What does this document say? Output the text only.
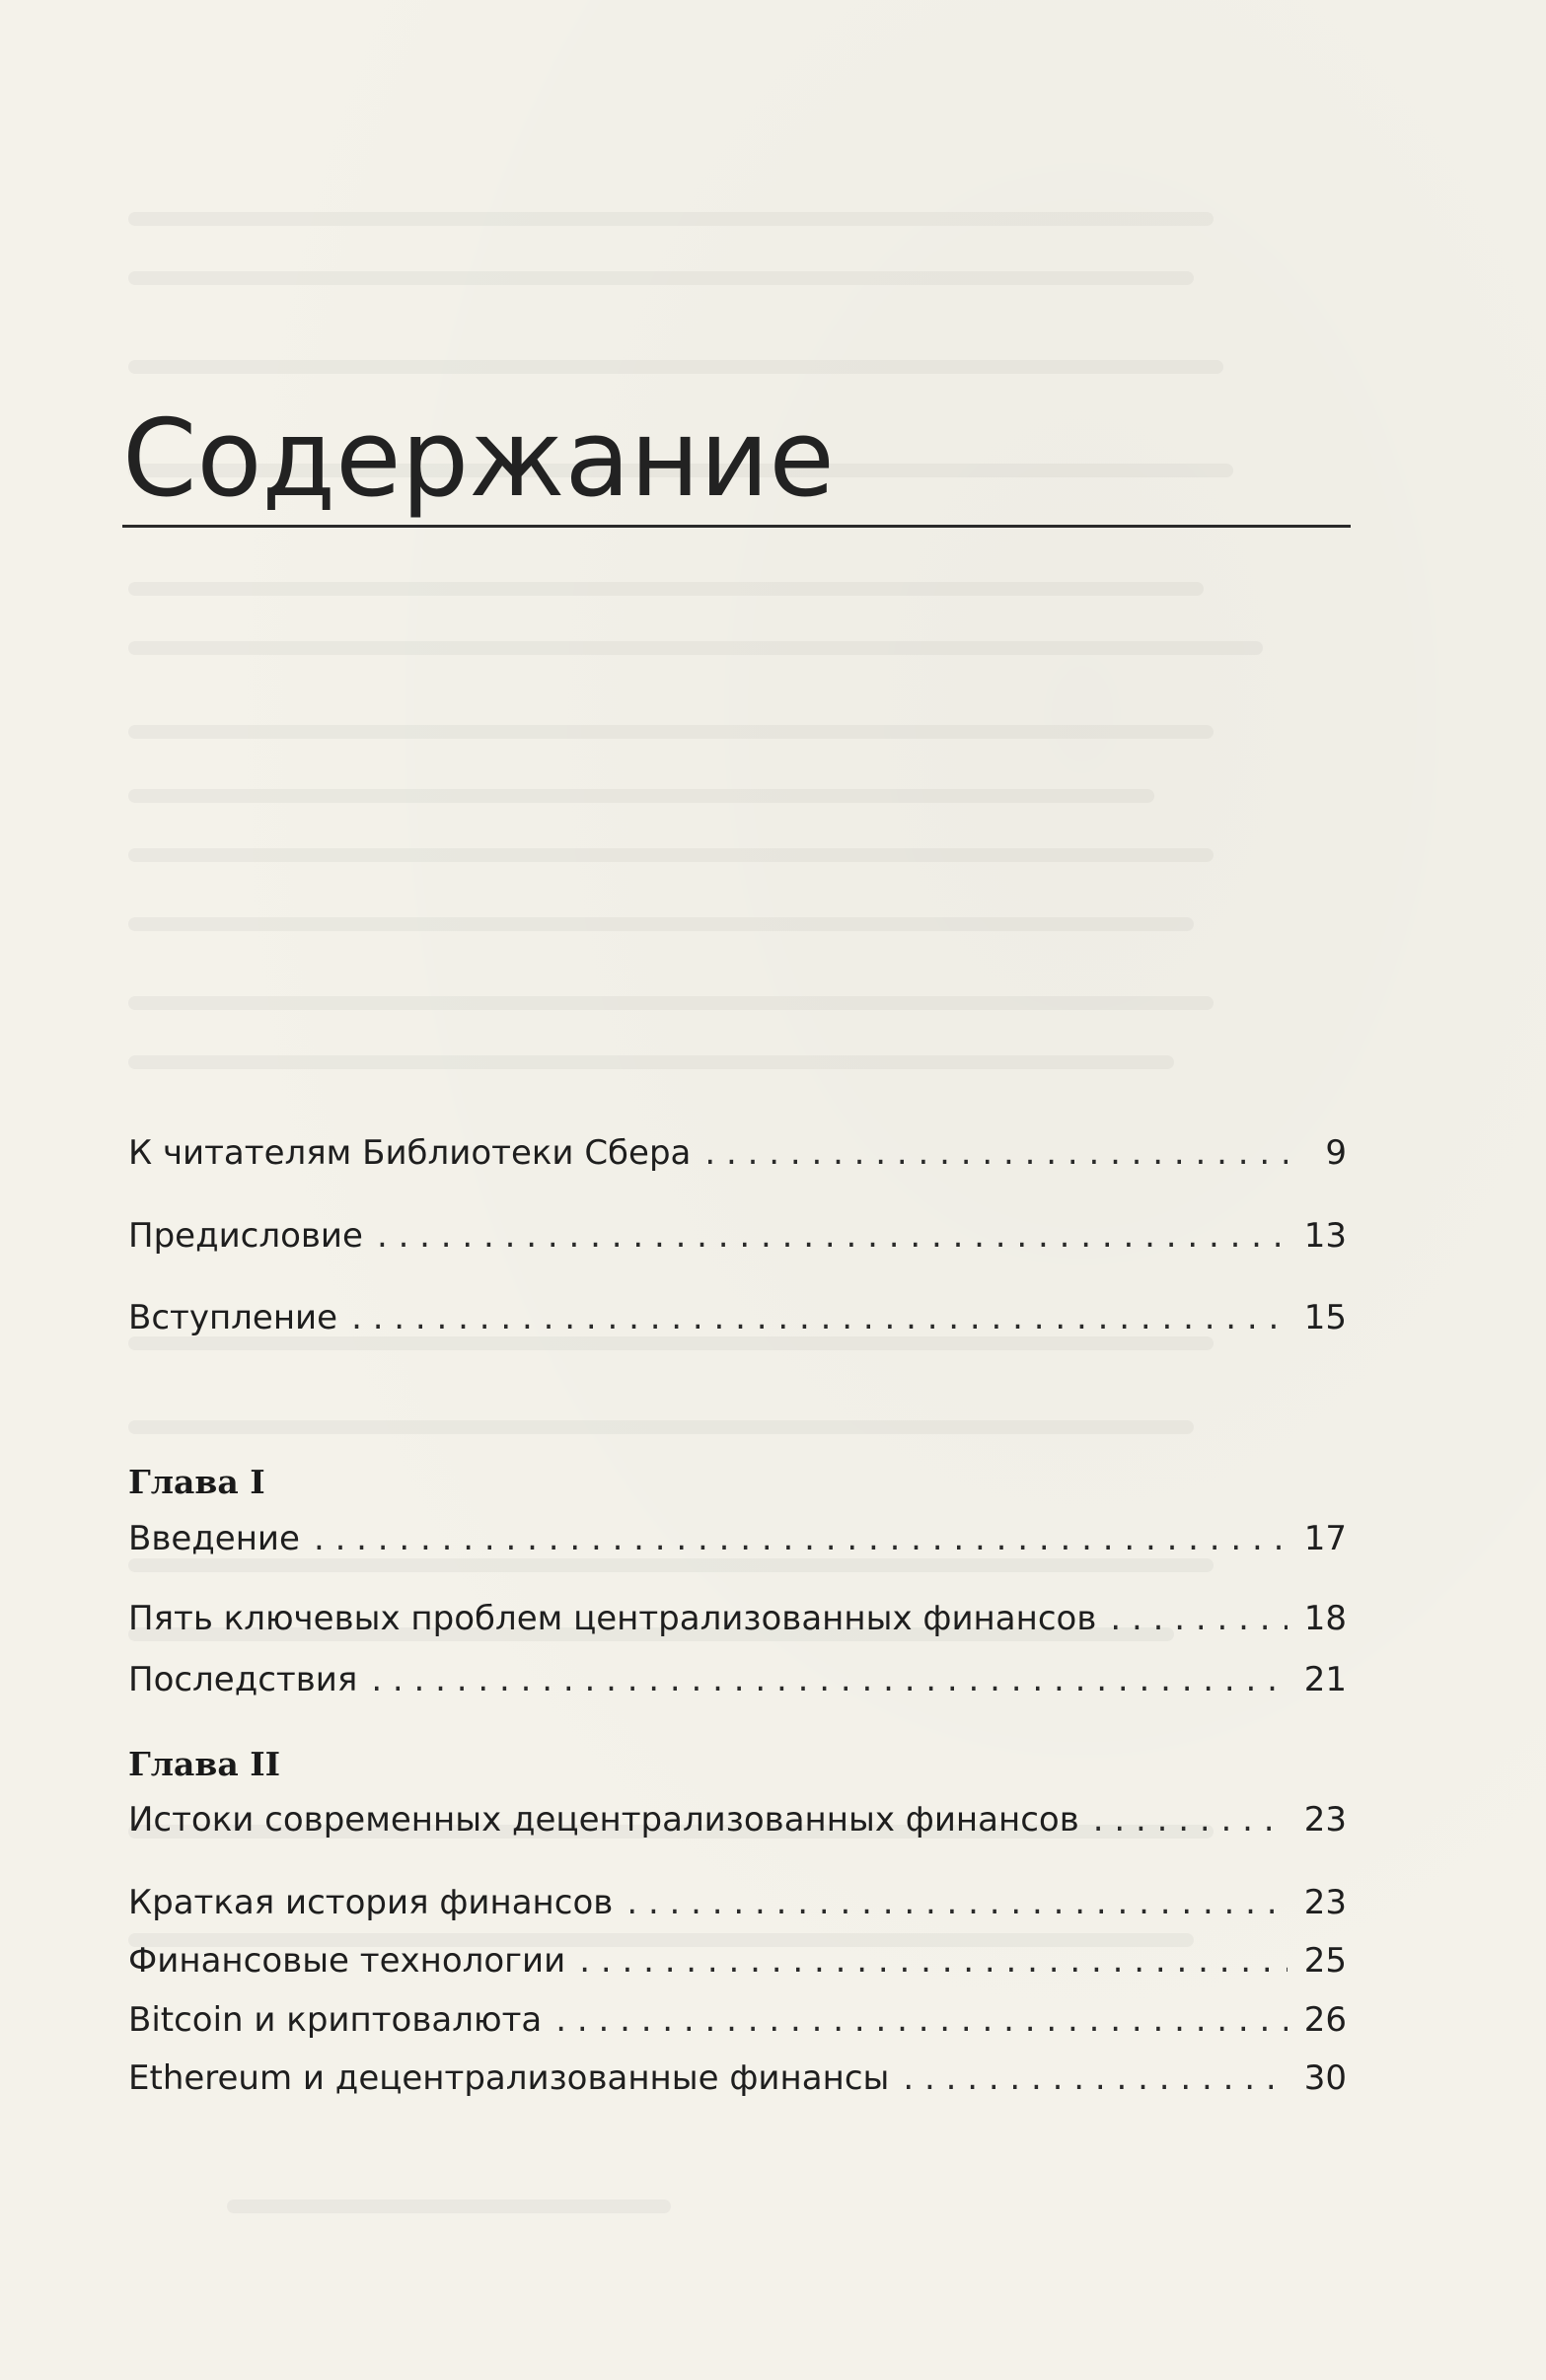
Содержание
К читателям Библиотеки Сбера . . .	9
Предисловие . . .	13
Вступление . . .	15
Глава I
Введение . . .	17
Пять ключевых проблем централизованных финансов . . .	18
Последствия . . .	21
Глава II
Истоки современных децентрализованных финансов . . .	23
Краткая история финансов . . .	23
Финансовые технологии . . .	25
Bitcoin и криптовалюта . . .	26
Ethereum и децентрализованные финансы . . .	30
